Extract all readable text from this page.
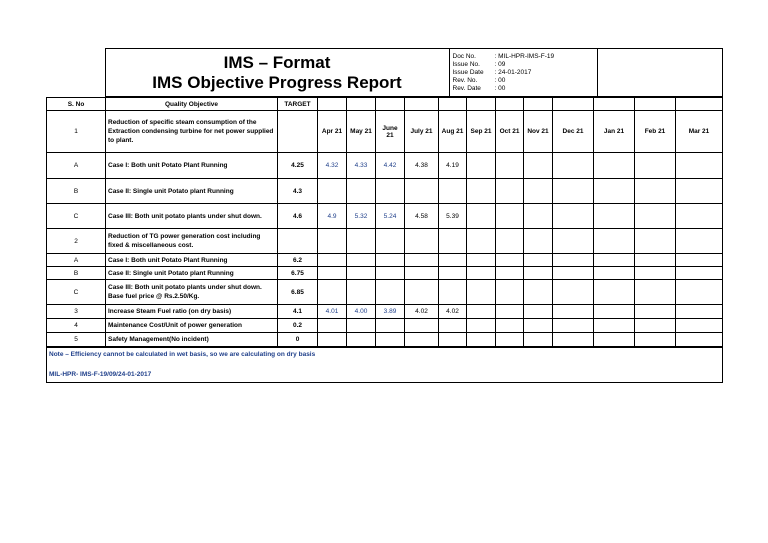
IMS – Format
IMS Objective Progress Report

Doc No.	: MIL-HPR-IMS-F-19
Issue No.	: 09
Issue Date	: 24-01-2017
Rev. No.	: 00
Rev. Date	: 00

S. No	Quality Objective	TARGET												
1	Reduction of specific steam consumption of the Extraction condensing turbine for net power supplied to plant.		Apr 21	May 21	June 21	July 21	Aug 21	Sep 21	Oct 21	Nov 21	Dec 21	Jan 21	Feb 21	Mar 21
A	Case I: Both unit Potato Plant Running	4.25	4.32	4.33	4.42	4.38	4.19							
B	Case II: Single unit Potato plant Running	4.3												
C	Case III: Both unit potato plants under shut down.	4.6	4.9	5.32	5.24	4.58	5.39							
2	Reduction of TG power generation cost including fixed & miscellaneous cost.													
A	Case I: Both unit Potato Plant Running	6.2												
B	Case II: Single unit Potato plant Running	6.75												
C	Case III: Both unit potato plants under shut down. Base fuel price @ Rs.2.50/Kg.	6.85												
3	Increase Steam Fuel ratio (on dry basis)	4.1	4.01	4.00	3.89	4.02	4.02							
4	Maintenance Cost/Unit of power generation	0.2												
5	Safety Management(No incident)	0												
Note – Efficiency cannot be calculated in wet basis, so we are calculating on dry basis
MIL-HPR- IMS-F-19/09/24-01-2017
